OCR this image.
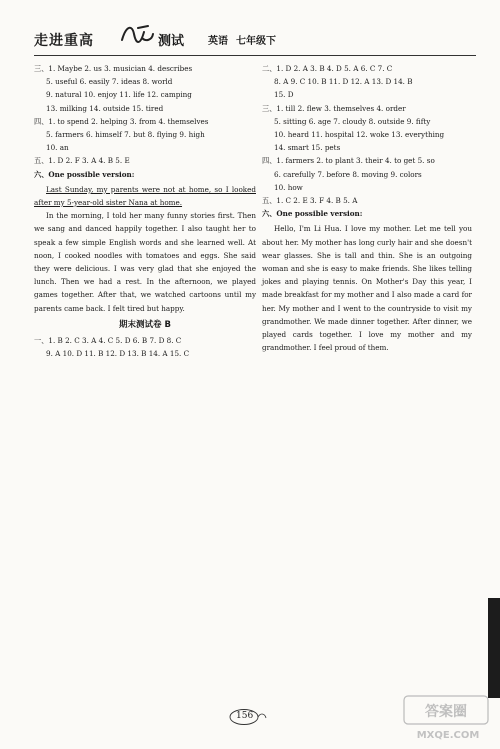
走进重高	测试 英语 七年级下
三、1. Maybe 2. us 3. musician 4. describes
5. useful 6. easily 7. ideas 8. world
9. natural 10. enjoy 11. life 12. camping
13. milking 14. outside 15. tired
四、1. to spend 2. helping 3. from 4. themselves
5. farmers 6. himself 7. but 8. flying 9. high
10. an
五、1. D 2. F 3. A 4. B 5. E
六、One possible version:
Last Sunday, my parents were not at home, so I looked after my 5-year-old sister Nana at home.
In the morning, I told her many funny stories first. Then we sang and danced happily together. I also taught her to speak a few simple English words and she learned well. At noon, I cooked noodles with tomatoes and eggs. She said they were delicious. I was very glad that she enjoyed the lunch. Then we had a rest. In the afternoon, we played games together. After that, we watched cartoons until my parents came back. I felt tired but happy.
期末测试卷 B
一、1. B 2. C 3. A 4. C 5. D 6. B 7. D 8. C
9. A 10. D 11. B 12. D 13. B 14. A 15. C
二、1. D 2. A 3. B 4. D 5. A 6. C 7. C
8. A 9. C 10. B 11. D 12. A 13. D 14. B
15. D
三、1. till 2. flew 3. themselves 4. order
5. sitting 6. age 7. cloudy 8. outside 9. fifty
10. heard 11. hospital 12. woke 13. everything
14. smart 15. pets
四、1. farmers 2. to plant 3. their 4. to get 5. so
6. carefully 7. before 8. moving 9. colors
10. how
五、1. C 2. E 3. F 4. B 5. A
六、One possible version:
Hello, I'm Li Hua. I love my mother. Let me tell you about her. My mother has long curly hair and she doesn't wear glasses. She is tall and thin. She is an outgoing woman and she is easy to make friends. She likes telling jokes and playing tennis. On Mother's Day this year, I made breakfast for my mother and I also made a card for her. My mother and I went to the countryside to visit my grandmother. We made dinner together. After dinner, we played cards together. I love my mother and my grandmother. I feel proud of them.
156	答案圈
MXQE.COM
